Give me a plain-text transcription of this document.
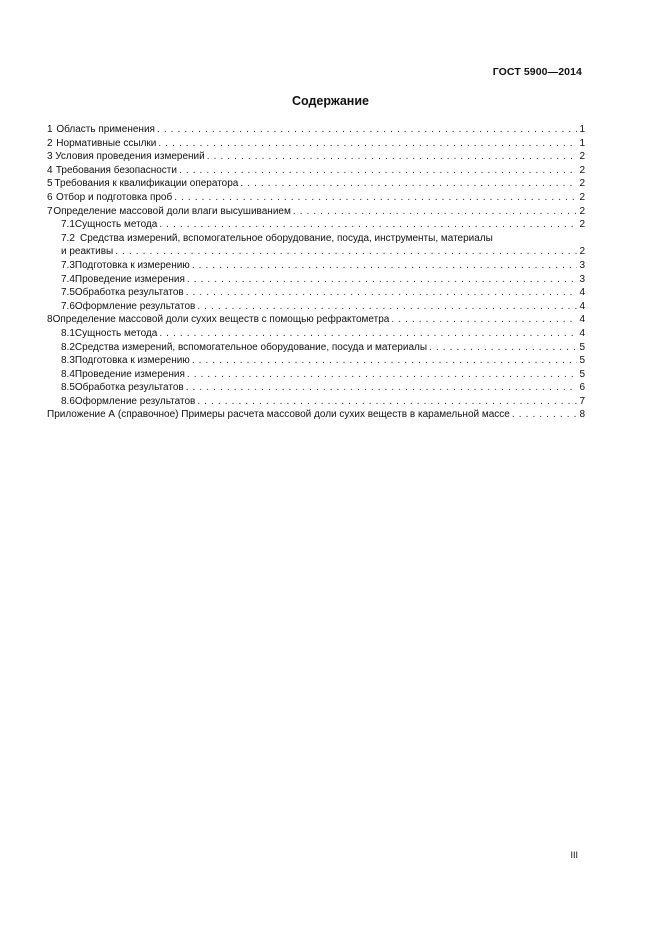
ГОСТ 5900—2014
Содержание
1 Область применения . . .	1
2 Нормативные ссылки . . .	1
3 Условия проведения измерений . . .	2
4 Требования безопасности . . .	2
5 Требования к квалификации оператора . . .	2
6 Отбор и подготовка проб . . .	2
7 Определение массовой доли влаги высушиванием . . .	2
7.1 Сущность метода . . .	2
7.2 Средства измерений, вспомогательное оборудование, посуда, инструменты, материалы
и реактивы . . .	2
7.3 Подготовка к измерению . . .	3
7.4 Проведение измерения . . .	3
7.5 Обработка результатов . . .	4
7.6 Оформление результатов . . .	4
8 Определение массовой доли сухих веществ с помощью рефрактометра . . .	4
8.1 Сущность метода . . .	4
8.2 Средства измерений, вспомогательное оборудование, посуда и материалы . . .	5
8.3 Подготовка к измерению . . .	5
8.4 Проведение измерения . . .	5
8.5 Обработка результатов . . .	6
8.6 Оформление результатов . . .	7
Приложение А (справочное) Примеры расчета массовой доли сухих веществ в карамельной массе . . .	8
III
